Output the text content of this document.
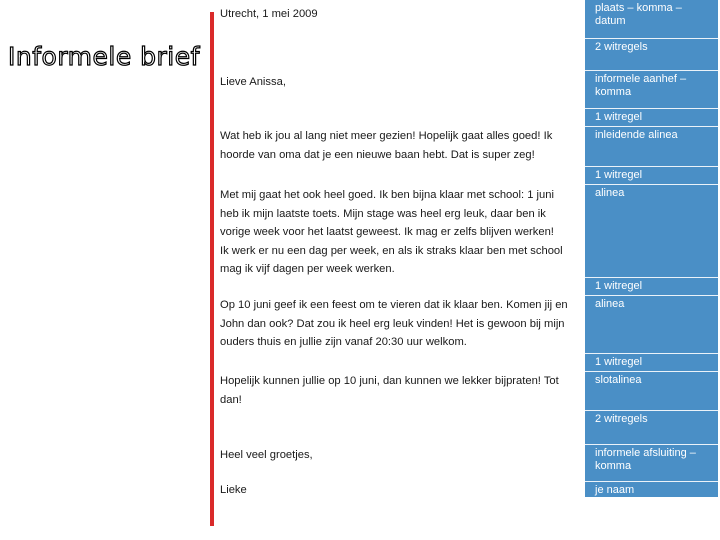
Informele brief
Utrecht, 1 mei 2009
Lieve Anissa,

Wat heb ik jou al lang niet meer gezien! Hopelijk gaat alles goed! Ik

hoorde van oma dat je een nieuwe baan hebt. Dat is super zeg!

Met mij gaat het ook heel goed. Ik ben bijna klaar met school: 1 juni

heb ik mijn laatste toets. Mijn stage was heel erg leuk, daar ben ik

vorige week voor het laatst geweest. Ik mag er zelfs blijven werken!

Ik werk er nu een dag per week, en als ik straks klaar ben met school

mag ik vijf dagen per week werken.

Op 10 juni geef ik een feest om te vieren dat ik klaar ben. Komen jij en

John dan ook? Dat zou ik heel erg leuk vinden! Het is gewoon bij mijn

ouders thuis en jullie zijn vanaf 20:30 uur welkom.

Hopelijk kunnen jullie op 10 juni, dan kunnen we lekker bijpraten! Tot

dan!

Heel veel groetjes,
Lieke
plaats – komma –
datum
2 witregels
informele aanhef –
komma
1 witregel
inleidende alinea
1 witregel
alinea
1 witregel
alinea
1 witregel
slotalinea
2 witregels
informele afsluiting –
komma
je naam
